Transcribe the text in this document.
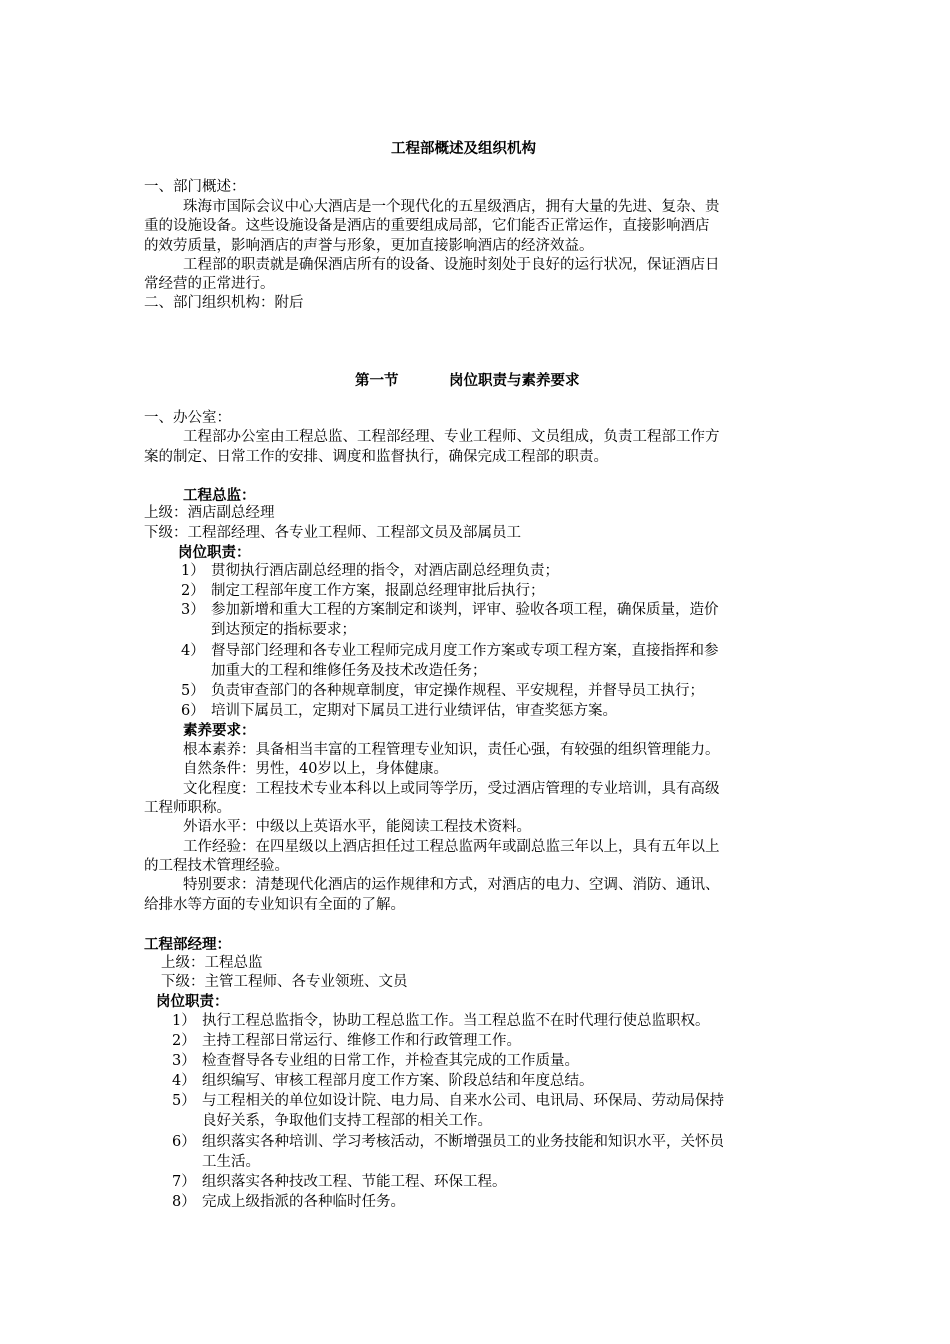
工程部概述及组织机构
一、部门概述：
珠海市国际会议中心大酒店是一个现代化的五星级酒店，拥有大量的先进、复杂、贵
重的设施设备。这些设施设备是酒店的重要组成局部，它们能否正常运作，直接影响酒店
的效劳质量，影响酒店的声誉与形象，更加直接影响酒店的经济效益。
工程部的职责就是确保酒店所有的设备、设施时刻处于良好的运行状况，保证酒店日
常经营的正常进行。
二、部门组织机构：附后
第一节	岗位职责与素养要求
一、办公室：
工程部办公室由工程总监、工程部经理、专业工程师、文员组成，负责工程部工作方
案的制定、日常工作的安排、调度和监督执行，确保完成工程部的职责。
工程总监：
上级：酒店副总经理
下级：工程部经理、各专业工程师、工程部文员及部属员工
岗位职责：
1） 贯彻执行酒店副总经理的指令，对酒店副总经理负责；
2） 制定工程部年度工作方案，报副总经理审批后执行；
3） 参加新增和重大工程的方案制定和谈判，评审、验收各项工程，确保质量，造价
到达预定的指标要求；
4） 督导部门经理和各专业工程师完成月度工作方案或专项工程方案，直接指挥和参
加重大的工程和维修任务及技术改造任务；
5） 负责审查部门的各种规章制度，审定操作规程、平安规程，并督导员工执行；
6） 培训下属员工，定期对下属员工进行业绩评估，审查奖惩方案。
素养要求：
根本素养：具备相当丰富的工程管理专业知识，责任心强，有较强的组织管理能力。
自然条件：男性，40岁以上，身体健康。
文化程度：工程技术专业本科以上或同等学历，受过酒店管理的专业培训，具有高级
工程师职称。
外语水平：中级以上英语水平，能阅读工程技术资料。
工作经验：在四星级以上酒店担任过工程总监两年或副总监三年以上，具有五年以上
的工程技术管理经验。
特别要求：清楚现代化酒店的运作规律和方式，对酒店的电力、空调、消防、通讯、
给排水等方面的专业知识有全面的了解。
工程部经理：
上级：工程总监
下级：主管工程师、各专业领班、文员
岗位职责：
1） 执行工程总监指令，协助工程总监工作。当工程总监不在时代理行使总监职权。
2） 主持工程部日常运行、维修工作和行政管理工作。
3） 检查督导各专业组的日常工作，并检查其完成的工作质量。
4） 组织编写、审核工程部月度工作方案、阶段总结和年度总结。
5） 与工程相关的单位如设计院、电力局、自来水公司、电讯局、环保局、劳动局保持
良好关系，争取他们支持工程部的相关工作。
6） 组织落实各种培训、学习考核活动，不断增强员工的业务技能和知识水平，关怀员
工生活。
7） 组织落实各种技改工程、节能工程、环保工程。
8） 完成上级指派的各种临时任务。
